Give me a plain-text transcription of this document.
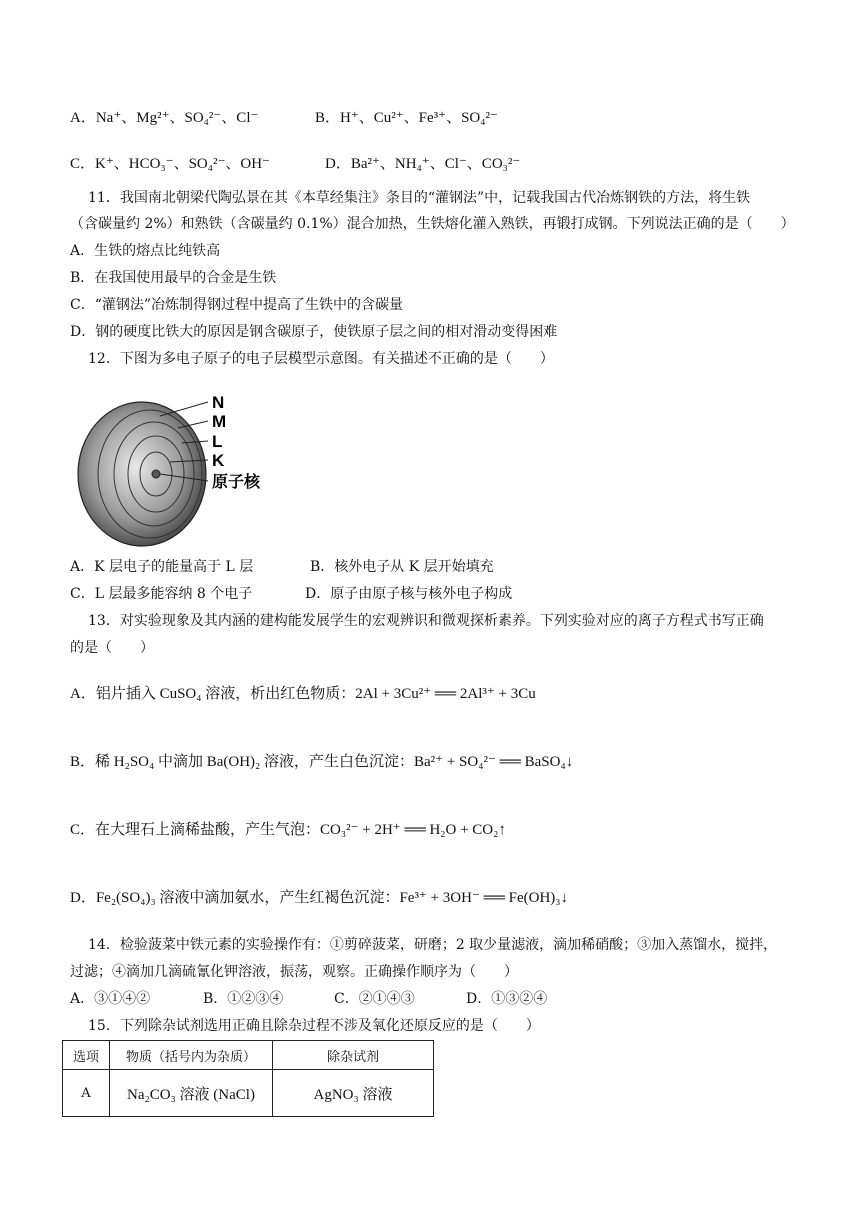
A．Na⁺、Mg²⁺、SO₄²⁻、Cl⁻	B．H⁺、Cu²⁺、Fe³⁺、SO₄²⁻
C．K⁺、HCO₃⁻、SO₄²⁻、OH⁻	D．Ba²⁺、NH₄⁺、Cl⁻、CO₃²⁻
11．我国南北朝梁代陶弘景在其《本草经集注》条目的“灌钢法”中，记载我国古代冶炼钢铁的方法，将生铁
（含碳量约 2%）和熟铁（含碳量约 0.1%）混合加热，生铁熔化灌入熟铁，再锻打成钢。下列说法正确的是（　　）
A．生铁的熔点比纯铁高
B．在我国使用最早的合金是生铁
C．“灌钢法”冶炼制得钢过程中提高了生铁中的含碳量
D．钢的硬度比铁大的原因是钢含碳原子，使铁原子层之间的相对滑动变得困难
12．下图为多电子原子的电子层模型示意图。有关描述不正确的是（　　）
N
M
L
K
原子核
A．K 层电子的能量高于 L 层	B．核外电子从 K 层开始填充
C．L 层最多能容纳 8 个电子	D．原子由原子核与核外电子构成
13．对实验现象及其内涵的建构能发展学生的宏观辨识和微观探析素养。下列实验对应的离子方程式书写正确
的是（　　）
A．铝片插入 CuSO₄ 溶液，析出红色物质：2Al + 3Cu²⁺ ══ 2Al³⁺ + 3Cu
B．稀 H₂SO₄ 中滴加 Ba(OH)₂ 溶液，产生白色沉淀：Ba²⁺ + SO₄²⁻ ══ BaSO₄↓
C．在大理石上滴稀盐酸，产生气泡：CO₃²⁻ + 2H⁺ ══ H₂O + CO₂↑
D．Fe₂(SO₄)₃ 溶液中滴加氨水，产生红褐色沉淀：Fe³⁺ + 3OH⁻ ══ Fe(OH)₃↓
14．检验菠菜中铁元素的实验操作有：①剪碎菠菜，研磨；2 取少量滤液，滴加稀硝酸；③加入蒸馏水，搅拌，
过滤；④滴加几滴硫氰化钾溶液，振荡，观察。正确操作顺序为（　　）
A．③①④②	B．①②③④	C．②①④③	D．①③②④
15．下列除杂试剂选用正确且除杂过程不涉及氧化还原反应的是（　　）
选项	物质（括号内为杂质）	除杂试剂
A	Na₂CO₃ 溶液 (NaCl)	AgNO₃ 溶液
